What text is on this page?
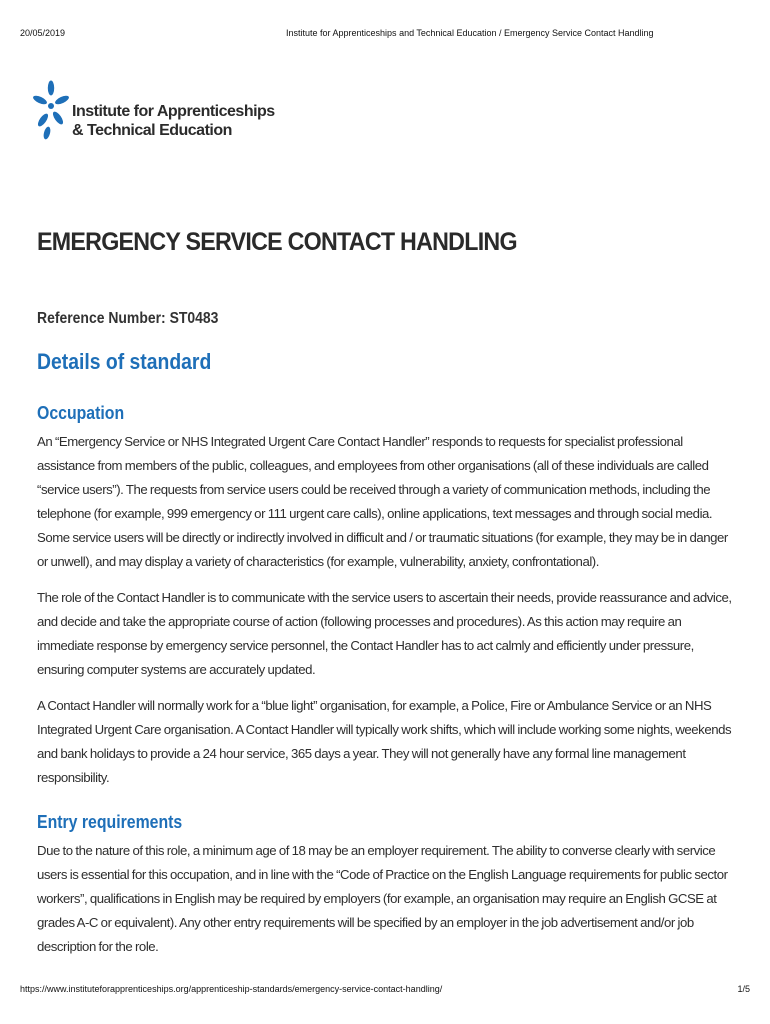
20/05/2019	Institute for Apprenticeships and Technical Education / Emergency Service Contact Handling
Institute for Apprenticeships
& Technical Education
EMERGENCY SERVICE CONTACT HANDLING
Reference Number: ST0483
Details of standard
Occupation

An “Emergency Service or NHS Integrated Urgent Care Contact Handler” responds to requests for specialist professional assistance from members of the public, colleagues, and employees from other organisations (all of these individuals are called “service users”). The requests from service users could be received through a variety of communication methods, including the telephone (for example, 999 emergency or 111 urgent care calls), online applications, text messages and through social media. Some service users will be directly or indirectly involved in difficult and / or traumatic situations (for example, they may be in danger or unwell), and may display a variety of characteristics (for example, vulnerability, anxiety, confrontational).

The role of the Contact Handler is to communicate with the service users to ascertain their needs, provide reassurance and advice, and decide and take the appropriate course of action (following processes and procedures). As this action may require an immediate response by emergency service personnel, the Contact Handler has to act calmly and efficiently under pressure, ensuring computer systems are accurately updated.

A Contact Handler will normally work for a “blue light” organisation, for example, a Police, Fire or Ambulance Service or an NHS Integrated Urgent Care organisation. A Contact Handler will typically work shifts, which will include working some nights, weekends and bank holidays to provide a 24 hour service, 365 days a year. They will not generally have any formal line management responsibility.

Entry requirements

Due to the nature of this role, a minimum age of 18 may be an employer requirement. The ability to converse clearly with service users is essential for this occupation, and in line with the “Code of Practice on the English Language requirements for public sector workers”, qualifications in English may be required by employers (for example, an organisation may require an English GCSE at grades A-C or equivalent). Any other entry requirements will be specified by an employer in the job advertisement and/or job description for the role.

https://www.instituteforapprenticeships.org/apprenticeship-standards/emergency-service-contact-handling/	1/5
